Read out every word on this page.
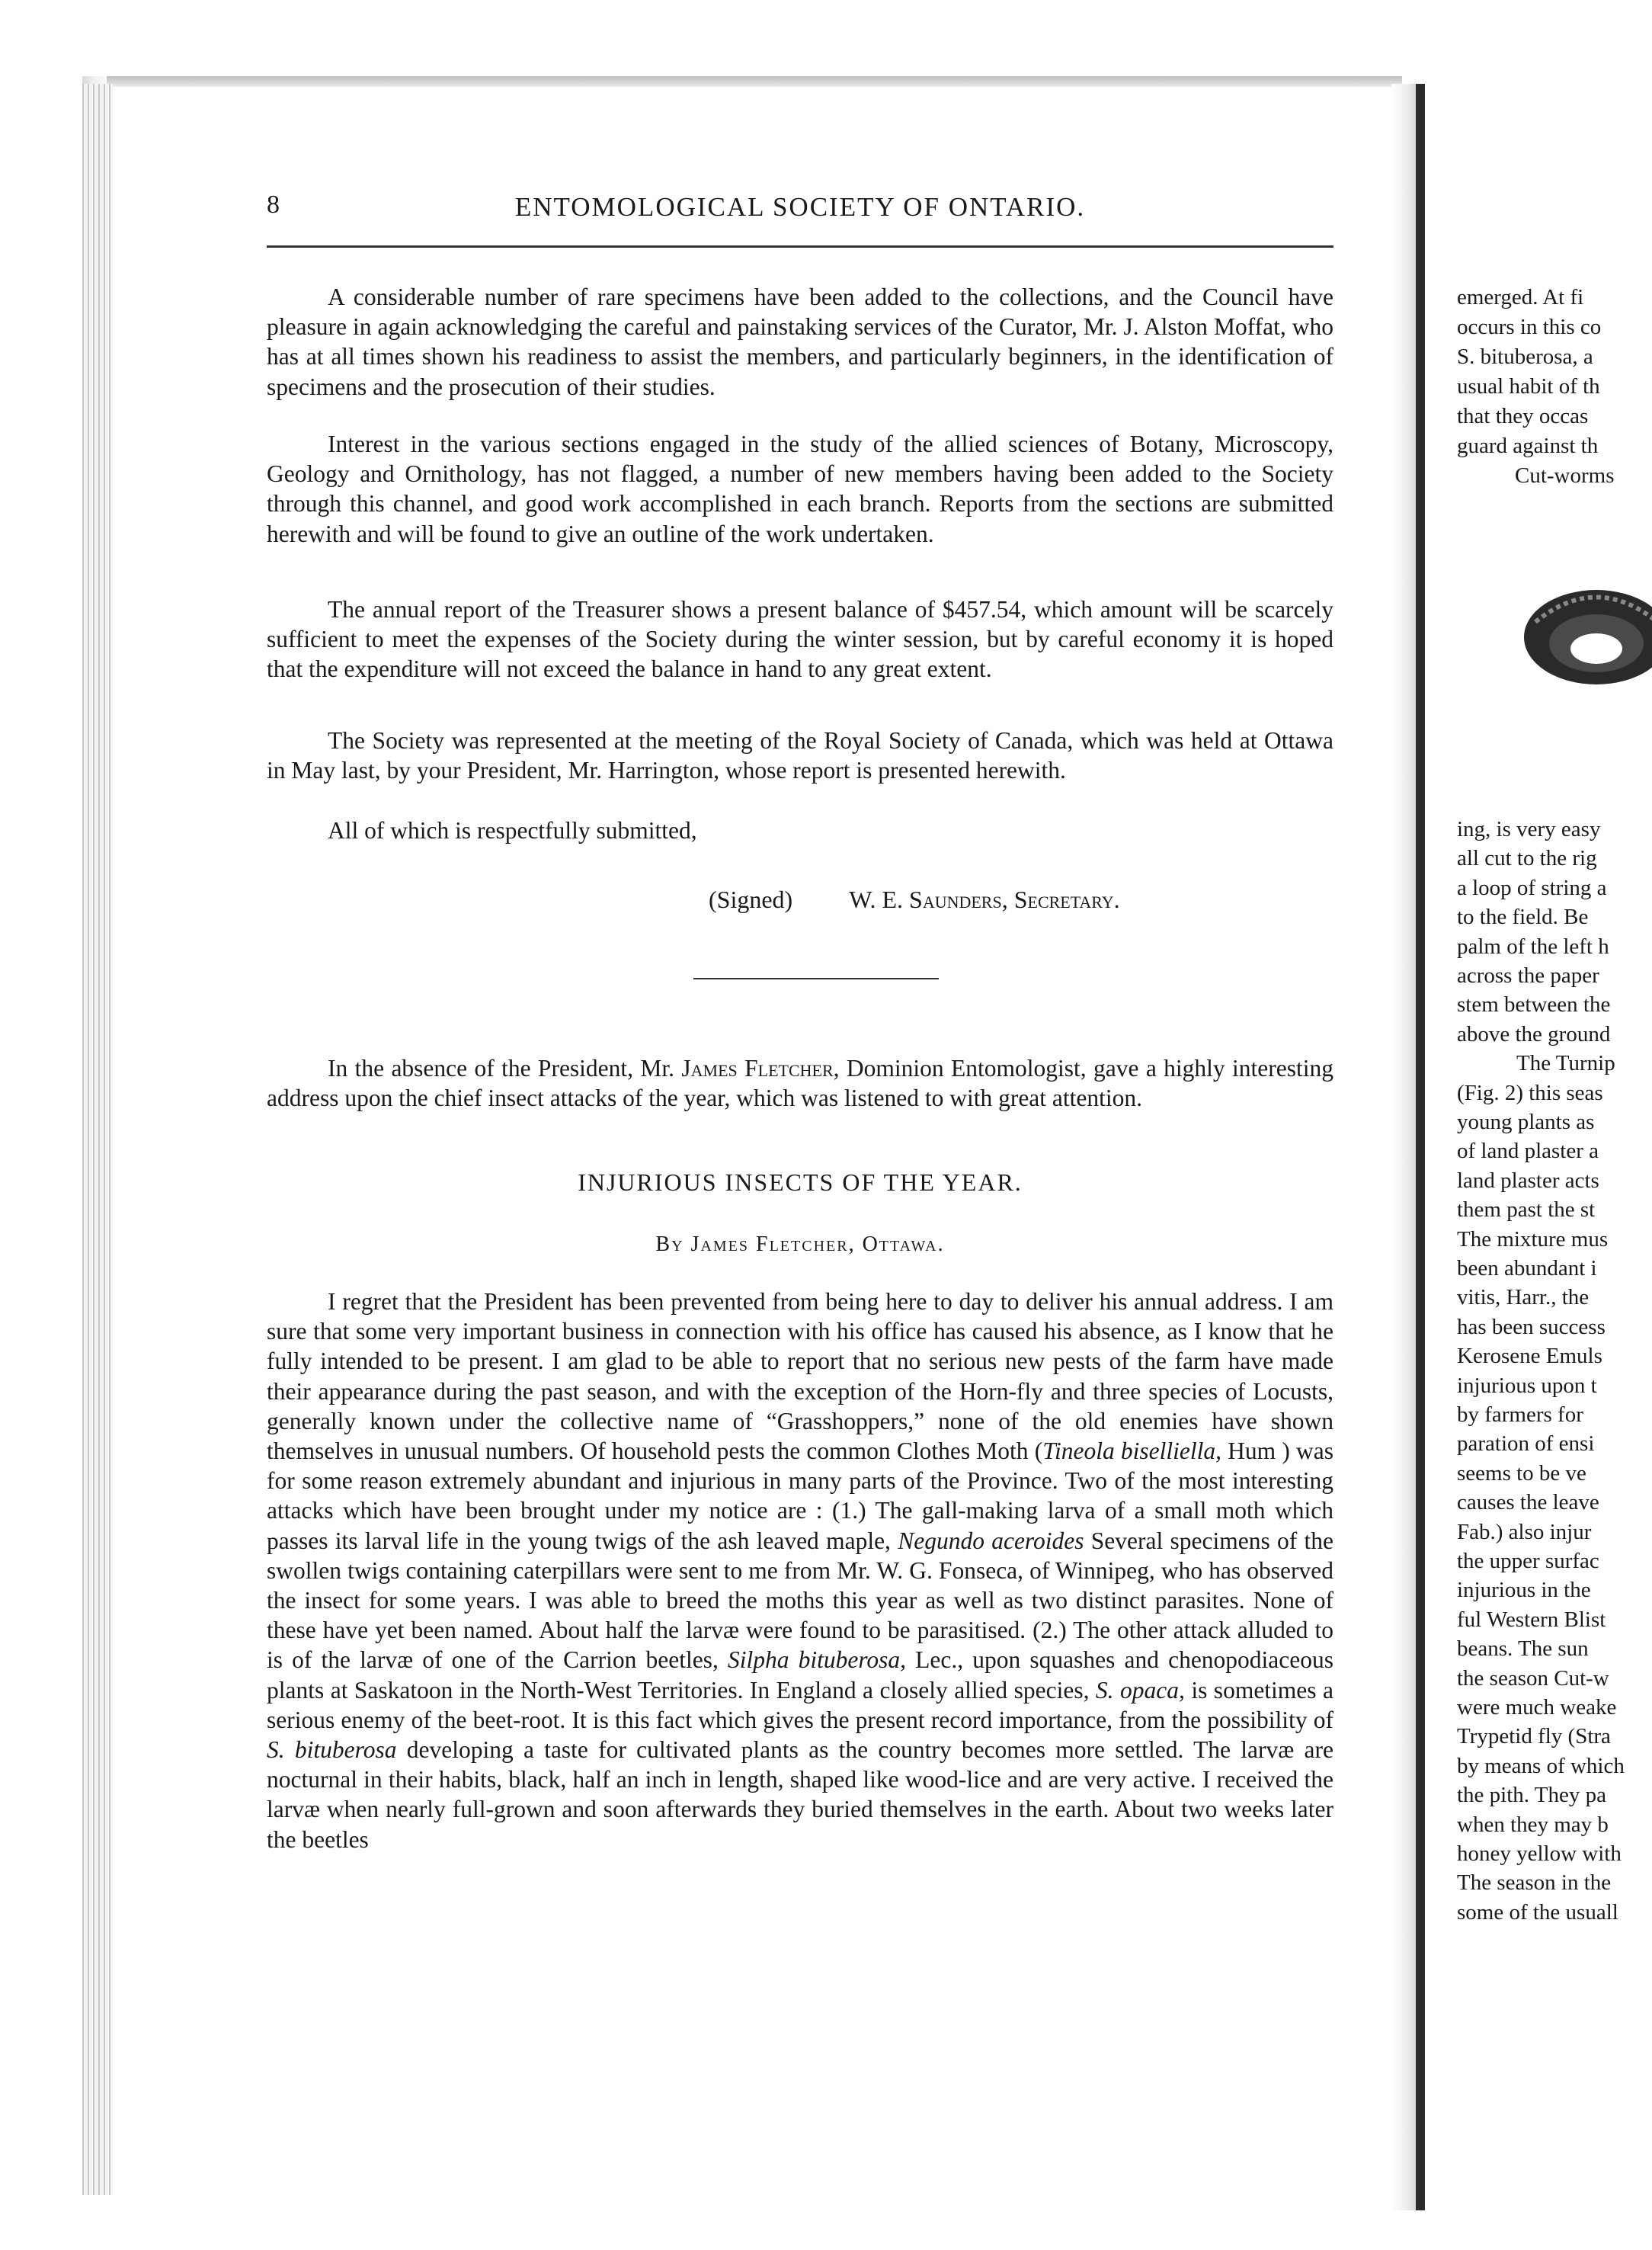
8	ENTOMOLOGICAL SOCIETY OF ONTARIO.

A considerable number of rare specimens have been added to the collections, and the Council have pleasure in again acknowledging the careful and painstaking services of the Curator, Mr. J. Alston Moffat, who has at all times shown his readiness to assist the members, and particularly beginners, in the identification of specimens and the prosecution of their studies.

Interest in the various sections engaged in the study of the allied sciences of Botany, Microscopy, Geology and Ornithology, has not flagged, a number of new members having been added to the Society through this channel, and good work accomplished in each branch. Reports from the sections are submitted herewith and will be found to give an outline of the work undertaken.

The annual report of the Treasurer shows a present balance of $457.54, which amount will be scarcely sufficient to meet the expenses of the Society during the winter session, but by careful economy it is hoped that the expenditure will not exceed the balance in hand to any great extent.

The Society was represented at the meeting of the Royal Society of Canada, which was held at Ottawa in May last, by your President, Mr. Harrington, whose report is presented herewith.

All of which is respectfully submitted,

(Signed) W. E. Saunders, Secretary.

In the absence of the President, Mr. James Fletcher, Dominion Entomologist, gave a highly interesting address upon the chief insect attacks of the year, which was listened to with great attention.

INJURIOUS INSECTS OF THE YEAR.
By James Fletcher, Ottawa.

I regret that the President has been prevented from being here to day to deliver his annual address. I am sure that some very important business in connection with his office has caused his absence, as I know that he fully intended to be present. I am glad to be able to report that no serious new pests of the farm have made their appearance during the past season, and with the exception of the Horn-fly and three species of Locusts, generally known under the collective name of “Grasshoppers,” none of the old enemies have shown themselves in unusual numbers. Of household pests the common Clothes Moth (Tineola biselliella, Hum ) was for some reason extremely abundant and injurious in many parts of the Province. Two of the most interesting attacks which have been brought under my notice are : (1.) The gall-making larva of a small moth which passes its larval life in the young twigs of the ash leaved maple, Negundo aceroides Several specimens of the swollen twigs containing caterpillars were sent to me from Mr. W. G. Fonseca, of Winnipeg, who has observed the insect for some years. I was able to breed the moths this year as well as two distinct parasites. None of these have yet been named. About half the larvæ were found to be parasitised. (2.) The other attack alluded to is of the larvæ of one of the Carrion beetles, Silpha bituberosa, Lec., upon squashes and chenopodiaceous plants at Saskatoon in the North-West Territories. In England a closely allied species, S. opaca, is sometimes a serious enemy of the beet-root. It is this fact which gives the present record importance, from the possibility of S. bituberosa developing a taste for cultivated plants as the country becomes more settled. The larvæ are nocturnal in their habits, black, half an inch in length, shaped like wood-lice and are very active. I received the larvæ when nearly full-grown and soon afterwards they buried themselves in the earth. About two weeks later the beetles

emerged. At fi
occurs in this co
S. bituberosa, a
usual habit of th
that they occas
guard against th
Cut-worms
ing, is very easy
all cut to the rig
a loop of string a
to the field. Be
palm of the left h
across the paper
stem between the
above the ground
The Turnip
(Fig. 2) this seas
young plants as
of land plaster a
land plaster acts
them past the st
The mixture mus
been abundant i
vitis, Harr., the
has been success
Kerosene Emuls
injurious upon t
by farmers for
paration of ensi
seems to be ve
causes the leave
Fab.) also injur
the upper surfac
injurious in the
ful Western Blist
beans. The sun
the season Cut-w
were much weake
Trypetid fly (Stra
by means of which
the pith. They pa
when they may b
honey yellow with
The season in the
some of the usuall
